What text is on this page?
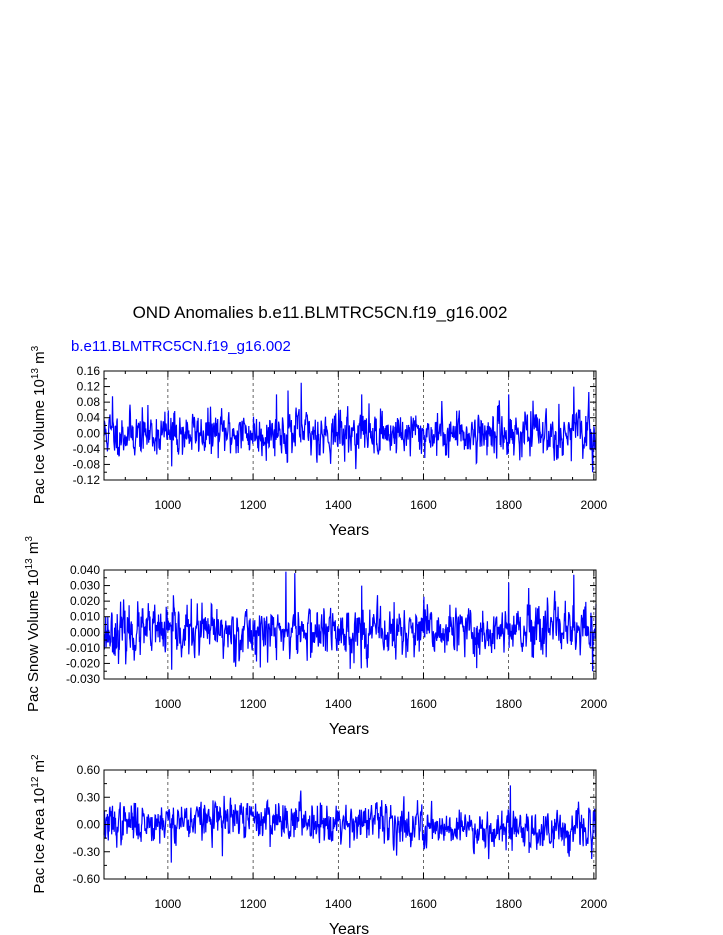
OND Anomalies b.e11.BLMTRC5CN.f19_g16.002
b.e11.BLMTRC5CN.f19_g16.002
1000	1200	1400	1600	1800	2000
-0.12
-0.08
-0.04
0.00
0.04
0.08
0.12
0.16
Years
Pac Ice Volume $10^{13}$ $m^3$
1000	1200	1400	1600	1800	2000
-0.030
-0.020
-0.010
0.000
0.010
0.020
0.030
0.040
Years
Pac Snow Volume $10^{13}$ $m^3$
1000	1200	1400	1600	1800	2000
-0.60
-0.30
0.00
0.30
0.60
Years
Pac Ice Area $10^{12}$ $m^2$
